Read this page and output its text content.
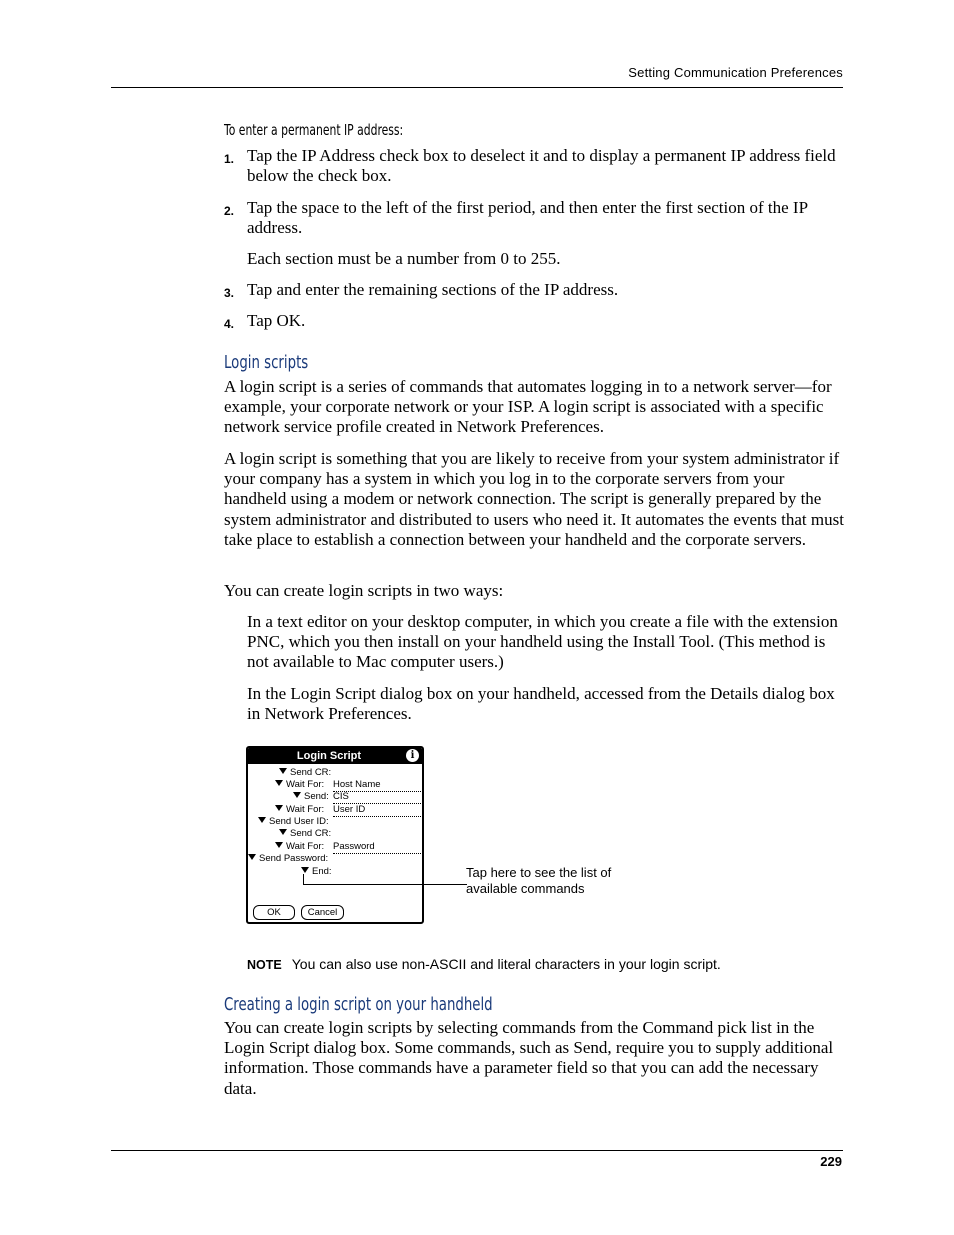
Setting Communication Preferences
To enter a permanent IP address:
1. Tap the IP Address check box to deselect it and to display a permanent IP address field below the check box.
2. Tap the space to the left of the first period, and then enter the first section of the IP address.
Each section must be a number from 0 to 255.
3. Tap and enter the remaining sections of the IP address.
4. Tap OK.
Login scripts
A login script is a series of commands that automates logging in to a network server—for example, your corporate network or your ISP. A login script is associated with a specific network service profile created in Network Preferences.
A login script is something that you are likely to receive from your system administrator if your company has a system in which you log in to the corporate servers from your handheld using a modem or network connection. The script is generally prepared by the system administrator and distributed to users who need it. It automates the events that must take place to establish a connection between your handheld and the corporate servers.
You can create login scripts in two ways:
In a text editor on your desktop computer, in which you create a file with the extension PNC, which you then install on your handheld using the Install Tool. (This method is not available to Mac computer users.)
In the Login Script dialog box on your handheld, accessed from the Details dialog box in Network Preferences.
Login Script	i
Send CR:
Wait For: Host Name
Send: CIS
Wait For: User ID
Send User ID:
Send CR:
Wait For: Password
Send Password:
End:
OK	Cancel
Tap here to see the list of
available commands
NOTE You can also use non-ASCII and literal characters in your login script.
Creating a login script on your handheld
You can create login scripts by selecting commands from the Command pick list in the Login Script dialog box. Some commands, such as Send, require you to supply additional information. Those commands have a parameter field so that you can add the necessary data.
229
